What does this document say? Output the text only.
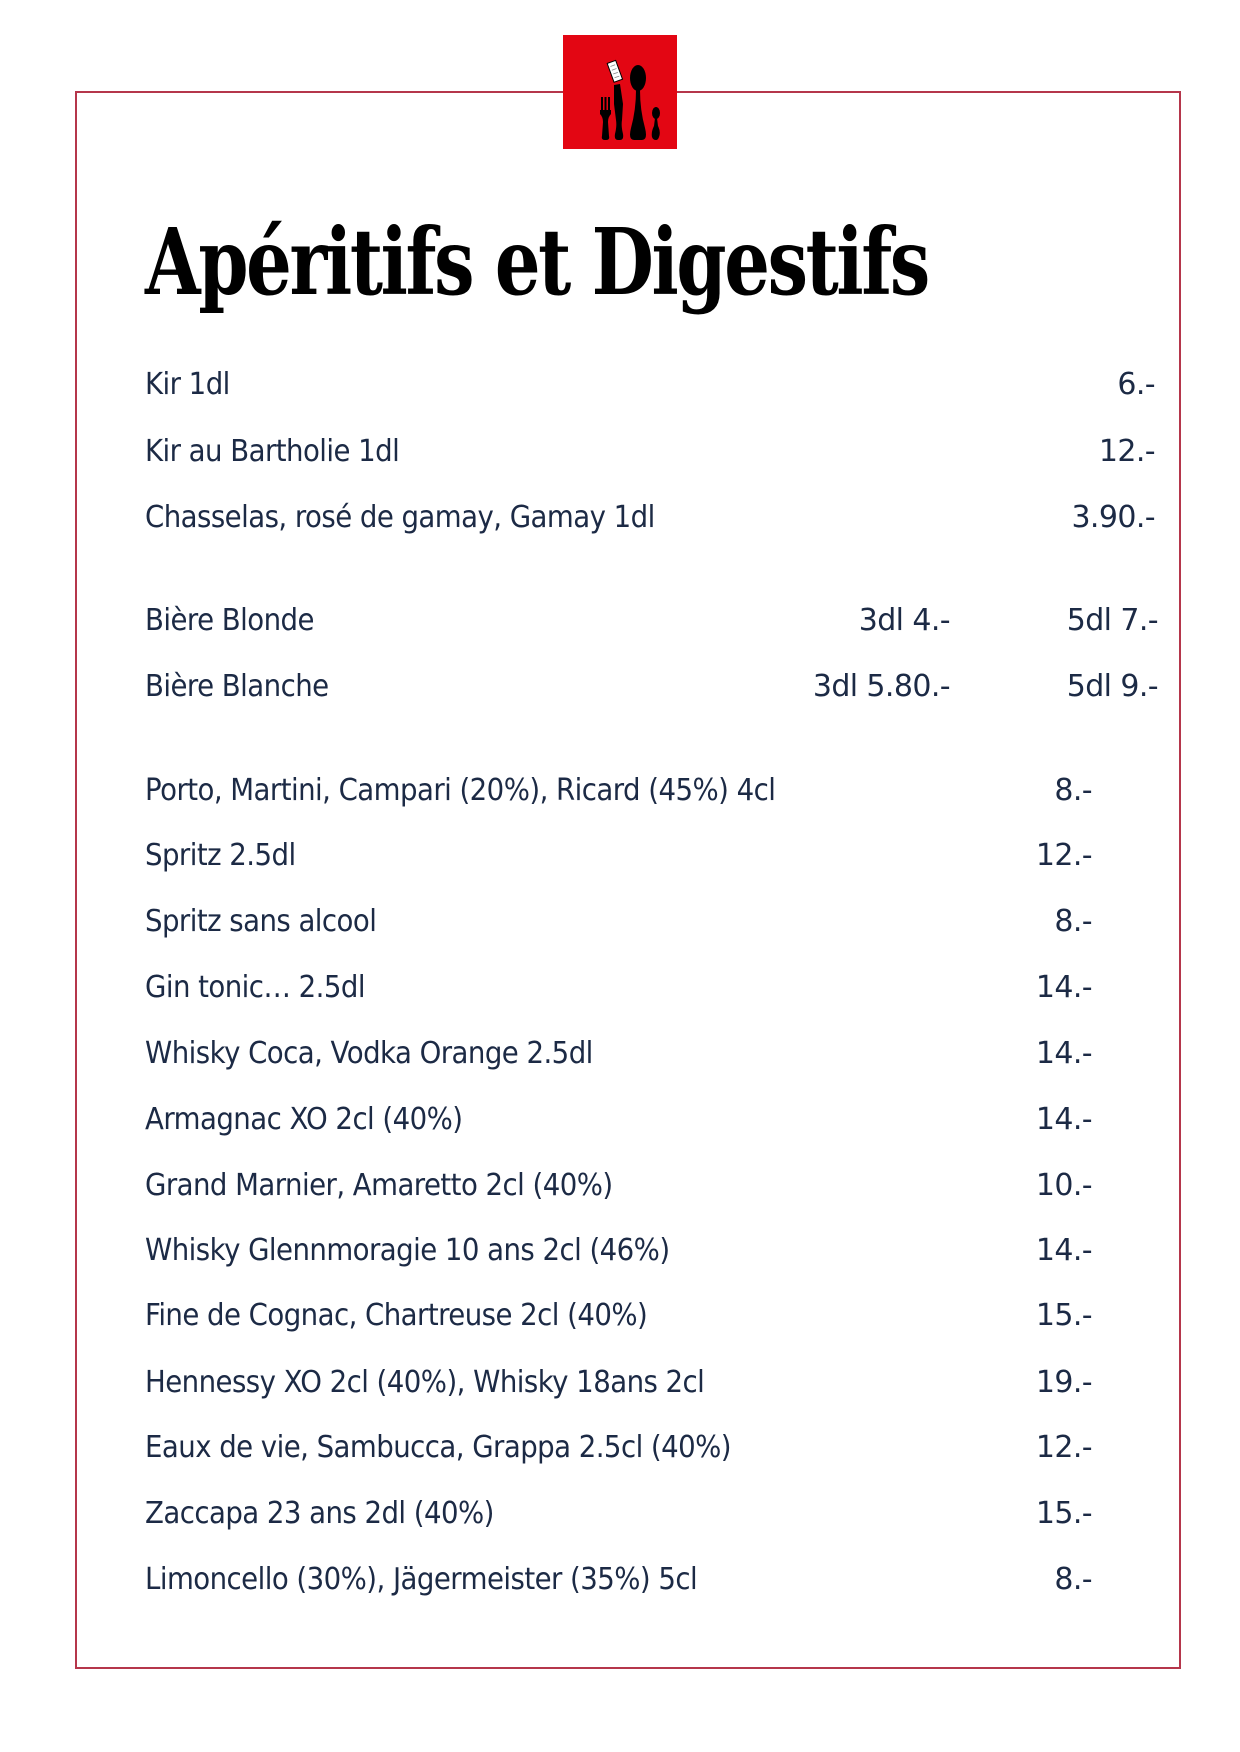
Apéritifs et Digestifs
Kir 1dl	6.-
Kir au Bartholie 1dl	12.-
Chasselas, rosé de gamay, Gamay 1dl	3.90.-
Bière Blonde	3dl 4.-	5dl 7.-
Bière Blanche	3dl 5.80.-	5dl 9.-
Porto, Martini, Campari (20%), Ricard (45%) 4cl	8.-
Spritz 2.5dl	12.-
Spritz sans alcool	8.-
Gin tonic… 2.5dl	14.-
Whisky Coca, Vodka Orange 2.5dl	14.-
Armagnac XO 2cl (40%)	14.-
Grand Marnier, Amaretto 2cl (40%)	10.-
Whisky Glennmoragie 10 ans 2cl (46%)	14.-
Fine de Cognac, Chartreuse 2cl (40%)	15.-
Hennessy XO 2cl (40%), Whisky 18ans 2cl	19.-
Eaux de vie, Sambucca, Grappa 2.5cl (40%)	12.-
Zaccapa 23 ans 2dl (40%)	15.-
Limoncello (30%), Jägermeister (35%) 5cl	8.-
